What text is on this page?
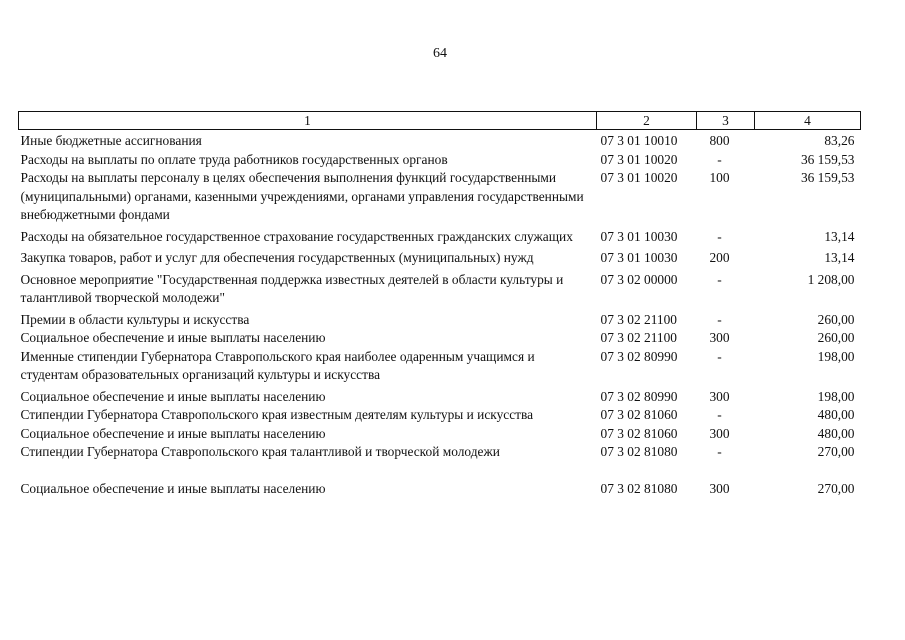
64
1	2	3	4
Иные бюджетные ассигнования	07 3 01 10010	800	83,26
Расходы на выплаты по оплате труда работников государственных органов	07 3 01 10020	-	36 159,53
Расходы на выплаты персоналу в целях обеспечения выполнения функций государственными (муниципальными) органами, казенными учреждениями, органами управления государственными внебюджетными фондами	07 3 01 10020	100	36 159,53
Расходы на обязательное государственное страхование государственных гражданских служащих	07 3 01 10030	-	13,14
Закупка товаров, работ и услуг для обеспечения государственных (муниципальных) нужд	07 3 01 10030	200	13,14
Основное мероприятие "Государственная поддержка известных деятелей в области культуры и талантливой творческой молодежи"	07 3 02 00000	-	1 208,00
Премии в области культуры и искусства	07 3 02 21100	-	260,00
Социальное обеспечение и иные выплаты населению	07 3 02 21100	300	260,00
Именные стипендии Губернатора Ставропольского края наиболее одаренным учащимся и студентам образовательных организаций культуры и искусства	07 3 02 80990	-	198,00
Социальное обеспечение и иные выплаты населению	07 3 02 80990	300	198,00
Стипендии Губернатора Ставропольского края известным деятелям культуры и искусства	07 3 02 81060	-	480,00
Социальное обеспечение и иные выплаты населению	07 3 02 81060	300	480,00
Стипендии Губернатора Ставропольского края талантливой и творческой молодежи	07 3 02 81080	-	270,00
Социальное обеспечение и иные выплаты населению	07 3 02 81080	300	270,00
